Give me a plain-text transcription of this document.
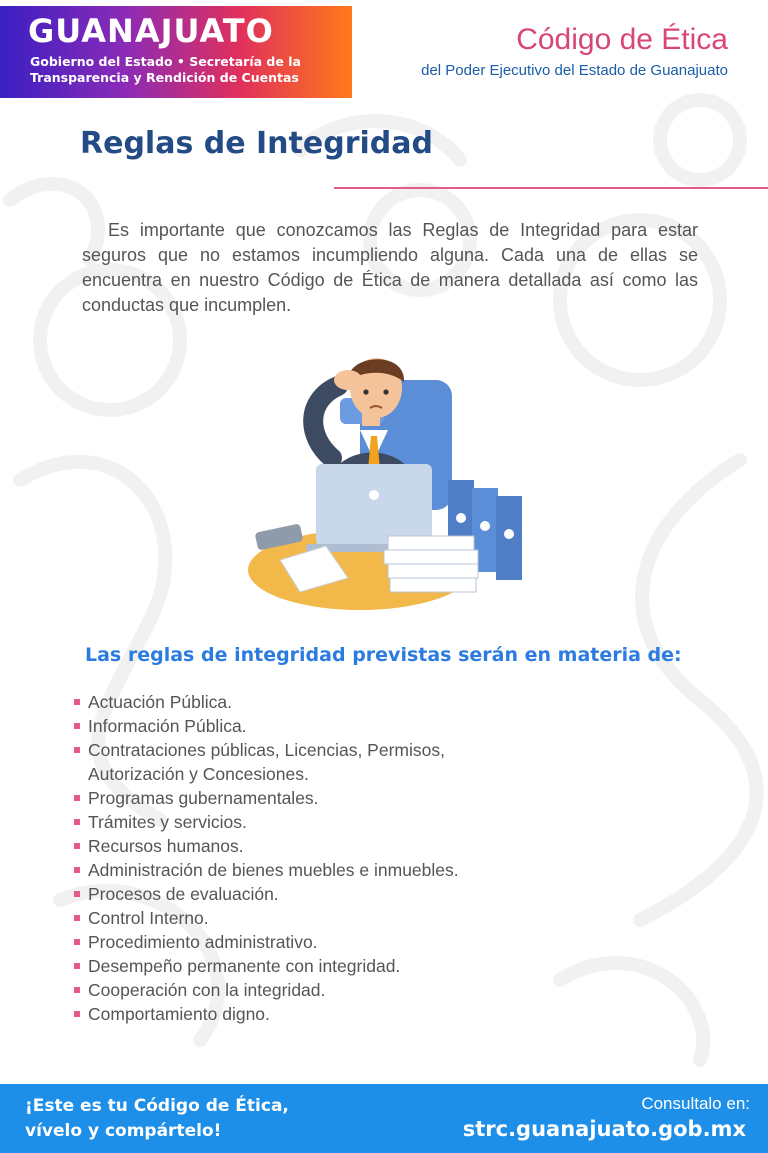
GUANAJUATO
Gobierno del Estado • Secretaría de la
Transparencia y Rendición de Cuentas
Código de Ética
del Poder Ejecutivo del Estado de Guanajuato
Reglas de Integridad

Es importante que conozcamos las Reglas de Integridad para estar seguros que no estamos incumpliendo alguna. Cada una de ellas se encuentra en nuestro Código de Ética de manera detallada así como las conductas que incumplen.

Las reglas de integridad previstas serán en materia de:
Actuación Pública.
Información Pública.
Contrataciones públicas, Licencias, Permisos,
Autorización y Concesiones.
Programas gubernamentales.
Trámites y servicios.
Recursos humanos.
Administración de bienes muebles e inmuebles.
Procesos de evaluación.
Control Interno.
Procedimiento administrativo.
Desempeño permanente con integridad.
Cooperación con la integridad.
Comportamiento digno.
¡Este es tu Código de Ética,
vívelo y compártelo!
Consultalo en:
strc.guanajuato.gob.mx
